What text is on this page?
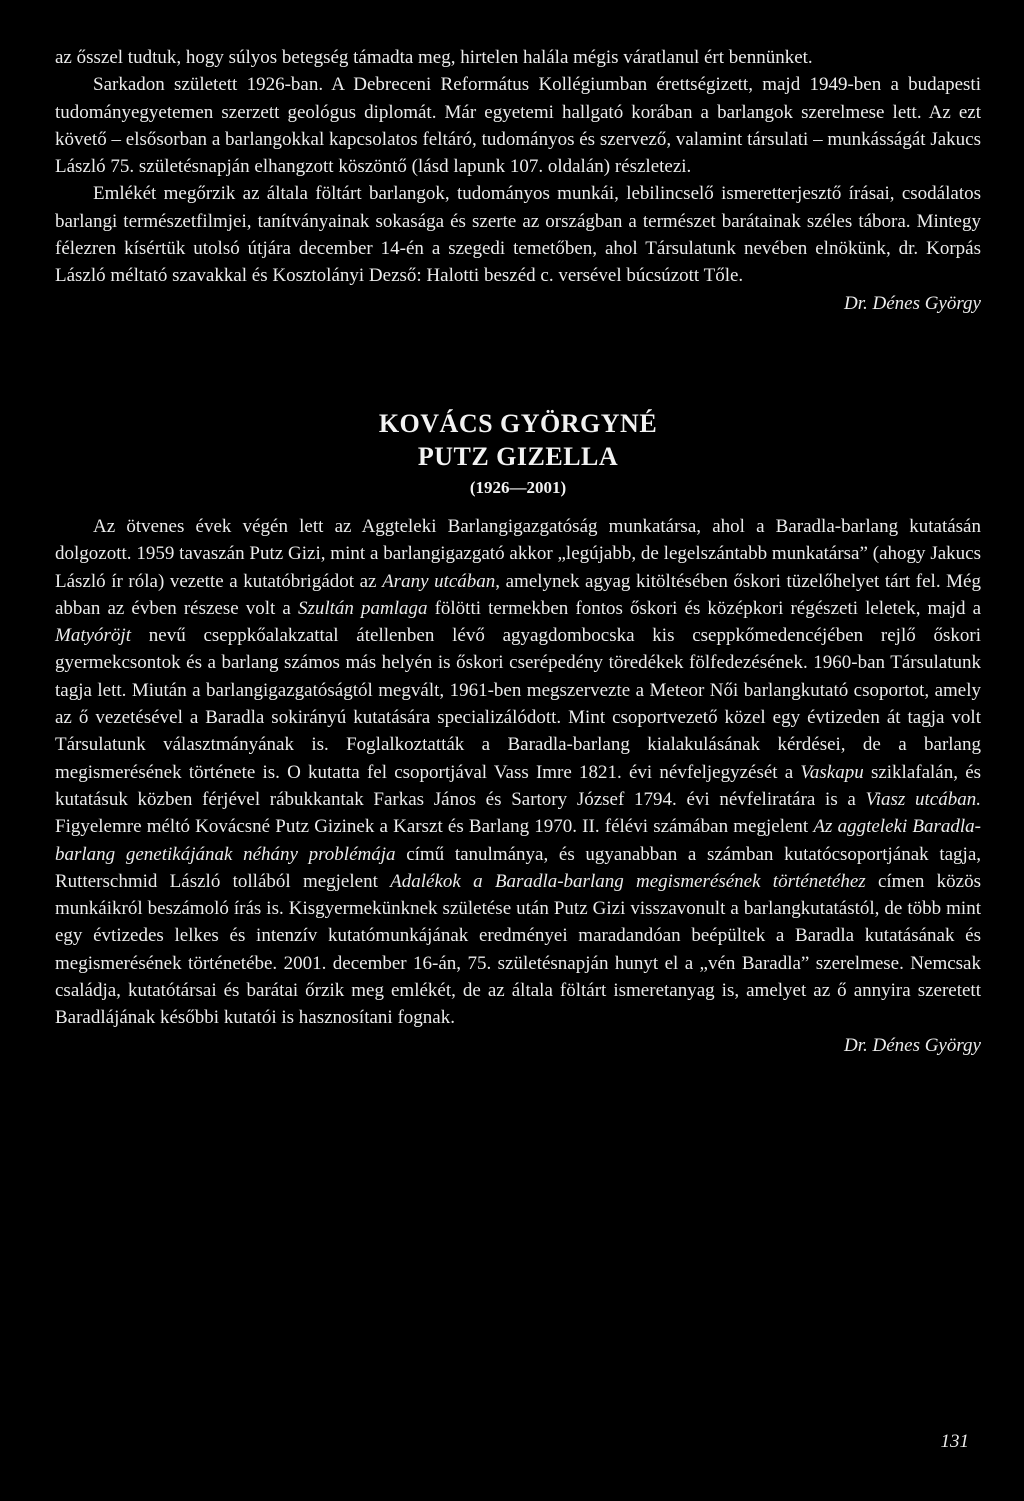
az ősszel tudtuk, hogy súlyos betegség támadta meg, hirtelen halála mégis váratlanul ért bennünket.

Sarkadon született 1926-ban. A Debreceni Református Kollégiumban érettségizett, majd 1949-ben a budapesti tudományegyetemen szerzett geológus diplomát. Már egyetemi hallgató korában a barlangok szerelmese lett. Az ezt követő – elsősorban a barlangokkal kapcsolatos feltáró, tudományos és szervező, valamint társulati – munkásságát Jakucs László 75. születésnapján elhangzott köszöntő (lásd lapunk 107. oldalán) részletezi.

Emlékét megőrzik az általa föltárt barlangok, tudományos munkái, lebilincselő ismeretterjesztő írásai, csodálatos barlangi természetfilmjei, tanítványainak sokasága és szerte az országban a természet barátainak széles tábora. Mintegy félezren kísértük utolsó útjára december 14-én a szegedi temetőben, ahol Társulatunk nevében elnökünk, dr. Korpás László méltató szavakkal és Kosztolányi Dezső: Halotti beszéd c. versével búcsúzott Tőle.

Dr. Dénes György

KOVÁCS GYÖRGYNÉ

PUTZ GIZELLA

(1926—2001)

Az ötvenes évek végén lett az Aggteleki Barlangigazgatóság munkatársa, ahol a Baradla-barlang kutatásán dolgozott. 1959 tavaszán Putz Gizi, mint a barlangigazgató akkor „legújabb, de legelszántabb munkatársa” (ahogy Jakucs László ír róla) vezette a kutatóbrigádot az Arany utcában, amelynek agyag kitöltésében őskori tüzelőhelyet tárt fel. Még abban az évben részese volt a Szultán pamlaga fölötti termekben fontos őskori és középkori régészeti leletek, majd a Matyóröjt nevű cseppkőalakzattal átellenben lévő agyagdombocska kis cseppkőmedencéjében rejlő őskori gyermekcsontok és a barlang számos más helyén is őskori cserépedény töredékek fölfedezésének. 1960-ban Társulatunk tagja lett. Miután a barlangigazgatóságtól megvált, 1961-ben megszervezte a Meteor Női barlangkutató csoportot, amely az ő vezetésével a Baradla sokirányú kutatására specializálódott. Mint csoportvezető közel egy évtizeden át tagja volt Társulatunk választmányának is. Foglalkoztatták a Baradla-barlang kialakulásának kérdései, de a barlang megismerésének története is. O kutatta fel csoportjával Vass Imre 1821. évi névfeljegyzését a Vaskapu sziklafalán, és kutatásuk közben férjével rábukkantak Farkas János és Sartory József 1794. évi névfeliratára is a Viasz utcában. Figyelemre méltó Kovácsné Putz Gizinek a Karszt és Barlang 1970. II. félévi számában megjelent Az aggteleki Baradla-barlang genetikájának néhány problémája című tanulmánya, és ugyanabban a számban kutatócsoportjának tagja, Rutterschmid László tollából megjelent Adalékok a Baradla-barlang megismerésének történetéhez címen közös munkáikról beszámoló írás is. Kisgyermekünknek születése után Putz Gizi visszavonult a barlangkutatástól, de több mint egy évtizedes lelkes és intenzív kutatómunkájának eredményei maradandóan beépültek a Baradla kutatásának és megismerésének történetébe. 2001. december 16-án, 75. születésnapján hunyt el a „vén Baradla” szerelmese. Nemcsak családja, kutatótársai és barátai őrzik meg emlékét, de az általa föltárt ismeretanyag is, amelyet az ő annyira szeretett Baradlájának későbbi kutatói is hasznosítani fognak.

Dr. Dénes György

131
